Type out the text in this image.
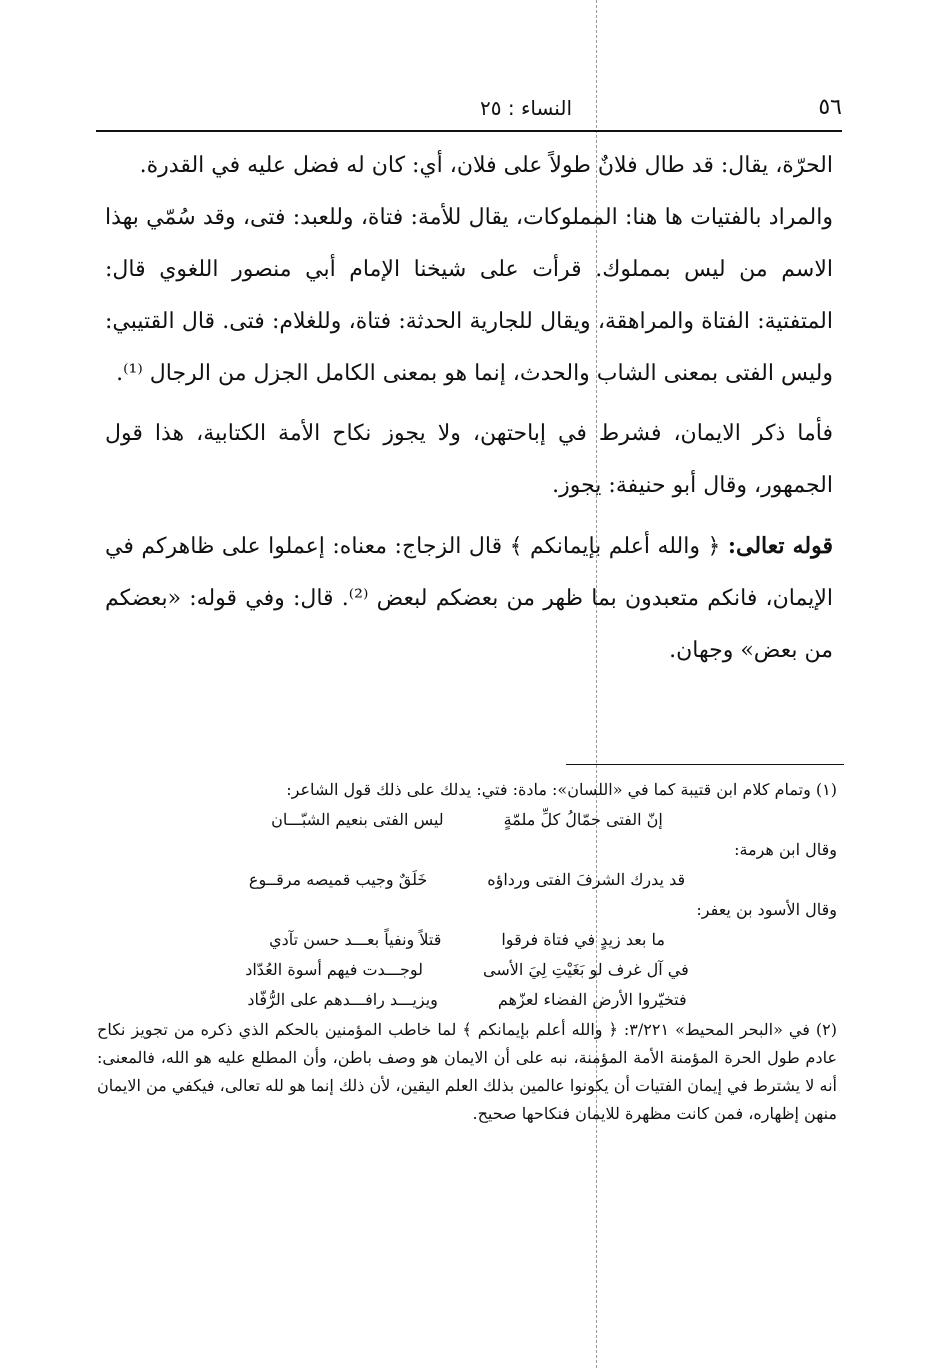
٥٦
النساء : ٢٥

الحرّة، يقال: قد طال فلانٌ طولاً على فلان، أي: كان له فضل عليه في القدرة.

والمراد بالفتيات ها هنا: المملوكات، يقال للأمة: فتاة، وللعبد: فتى، وقد سُمّي بهذا الاسم من ليس بمملوك. قرأت على شيخنا الإمام أبي منصور اللغوي قال: المتفتية: الفتاة والمراهقة، ويقال للجارية الحدثة: فتاة، وللغلام: فتى. قال القتيبي: وليس الفتى بمعنى الشاب والحدث، إنما هو بمعنى الكامل الجزل من الرجال ⁽¹⁾.

فأما ذكر الايمان، فشرط في إباحتهن، ولا يجوز نكاح الأمة الكتابية، هذا قول الجمهور، وقال أبو حنيفة: يجوز.

قوله تعالى: ﴿ والله أعلم بإيمانكم ﴾ قال الزجاج: معناه: إعملوا على ظاهركم في الإيمان، فانكم متعبدون بما ظهر من بعضكم لبعض ⁽²⁾. قال: وفي قوله: «بعضكم من بعض» وجهان.

(١) وتمام كلام ابن قتيبة كما في «اللسان»: مادة: فتي: يدلك على ذلك قول الشاعر:

إنّ الفتى حمّالُ كلِّ ملمّةٍ
ليس الفتى بنعيم الشبّـــان

وقال ابن هرمة:

قد يدرك الشرفَ الفتى ورداؤه
خَلَقٌ وجيب قميصه مرقــوع

وقال الأسود بن يعفر:

ما بعد زيدٍ في فتاة فرقوا
قتلاً ونفياً بعـــد حسن تآدي
في آل غرف لو بَغَيْتِ لِيَ الأسى
لوجـــدت فيهم أسوة العُدّاد
فتخيّروا الأرض الفضاء لعزّهم
ويزيـــد رافـــدهم على الرُّفّاد

(٢) في «البحر المحيط» ٣/٢٢١: ﴿ والله أعلم بإيمانكم ﴾ لما خاطب المؤمنين بالحكم الذي ذكره من تجويز نكاح عادم طول الحرة المؤمنة الأمة المؤمنة، نبه على أن الايمان هو وصف باطن، وأن المطلع عليه هو الله، فالمعنى: أنه لا يشترط في إيمان الفتيات أن يكونوا عالمين بذلك العلم اليقين، لأن ذلك إنما هو لله تعالى، فيكفي من الايمان منهن إظهاره، فمن كانت مظهرة للايمان فنكاحها صحيح.
